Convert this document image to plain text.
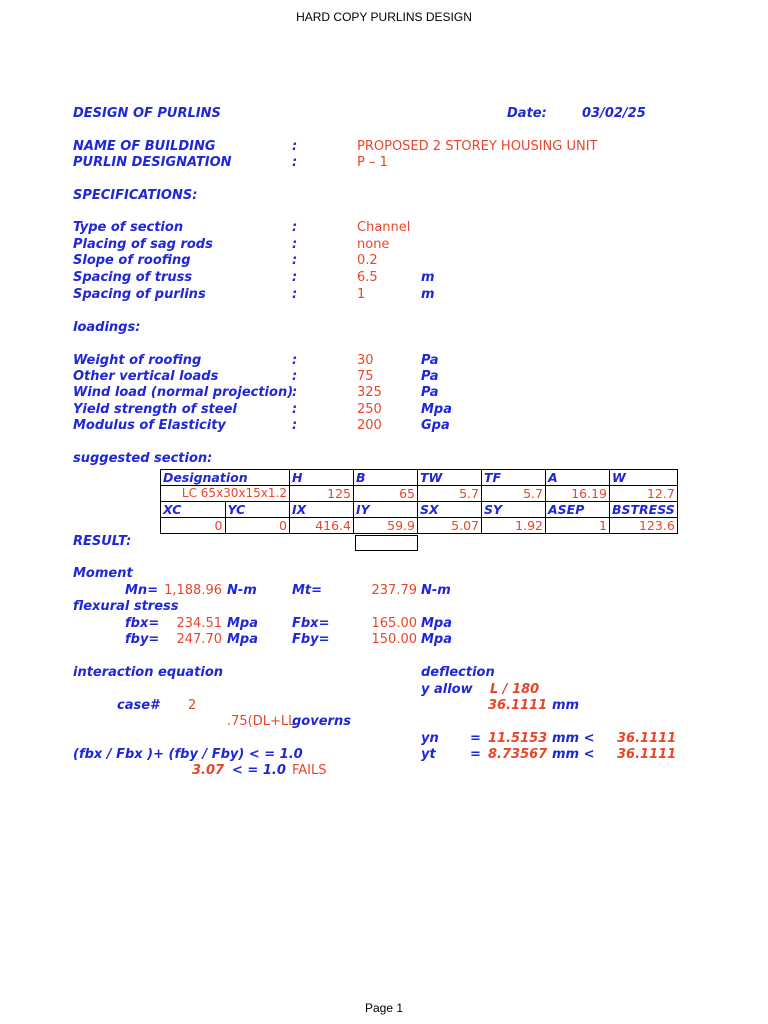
HARD COPY PURLINS DESIGN
Page 1
DESIGN OF PURLINS	Date:	03/02/25
NAME OF BUILDING	:	PROPOSED 2 STOREY HOUSING UNIT
PURLIN DESIGNATION	:	P – 1
SPECIFICATIONS:
Type of section	:	Channel
Placing of sag rods	:	none
Slope of roofing	:	0.2
Spacing of truss	:	6.5	m
Spacing of purlins	:	1	m
loadings:
Weight of roofing	:	30	Pa
Other vertical loads	:	75	Pa
Wind load (normal projection)
:	325	Pa
Yield strength of steel	:	250	Mpa
Modulus of Elasticity	:	200	Gpa
suggested section:
Designation		H	B	TW	TF	A	W
LC 65x30x15x1.2		125	65	5.7	5.7	16.19	12.7
XC	YC	IX	IY	SX	SY	ASEP	BSTRESS
0	0	416.4	59.9	5.07	1.92	1	123.6
RESULT:
Moment
Mn= 1,188.96 N-m	Mt=	237.79 N-m
flexural stress
fbx=	234.51 Mpa	Fbx=	165.00 Mpa
fby=	247.70 Mpa	Fby=	150.00 Mpa
interaction equation
case# 2
.75(DL+LL
governs
(fbx / Fbx )+ (fby / Fby) < = 1.0
3.07 < = 1.0 FAILS
deflection
y allow L / 180
36.1111 mm
yn = 11.5153 mm < 36.1111
yt	= 8.73567 mm < 36.1111
